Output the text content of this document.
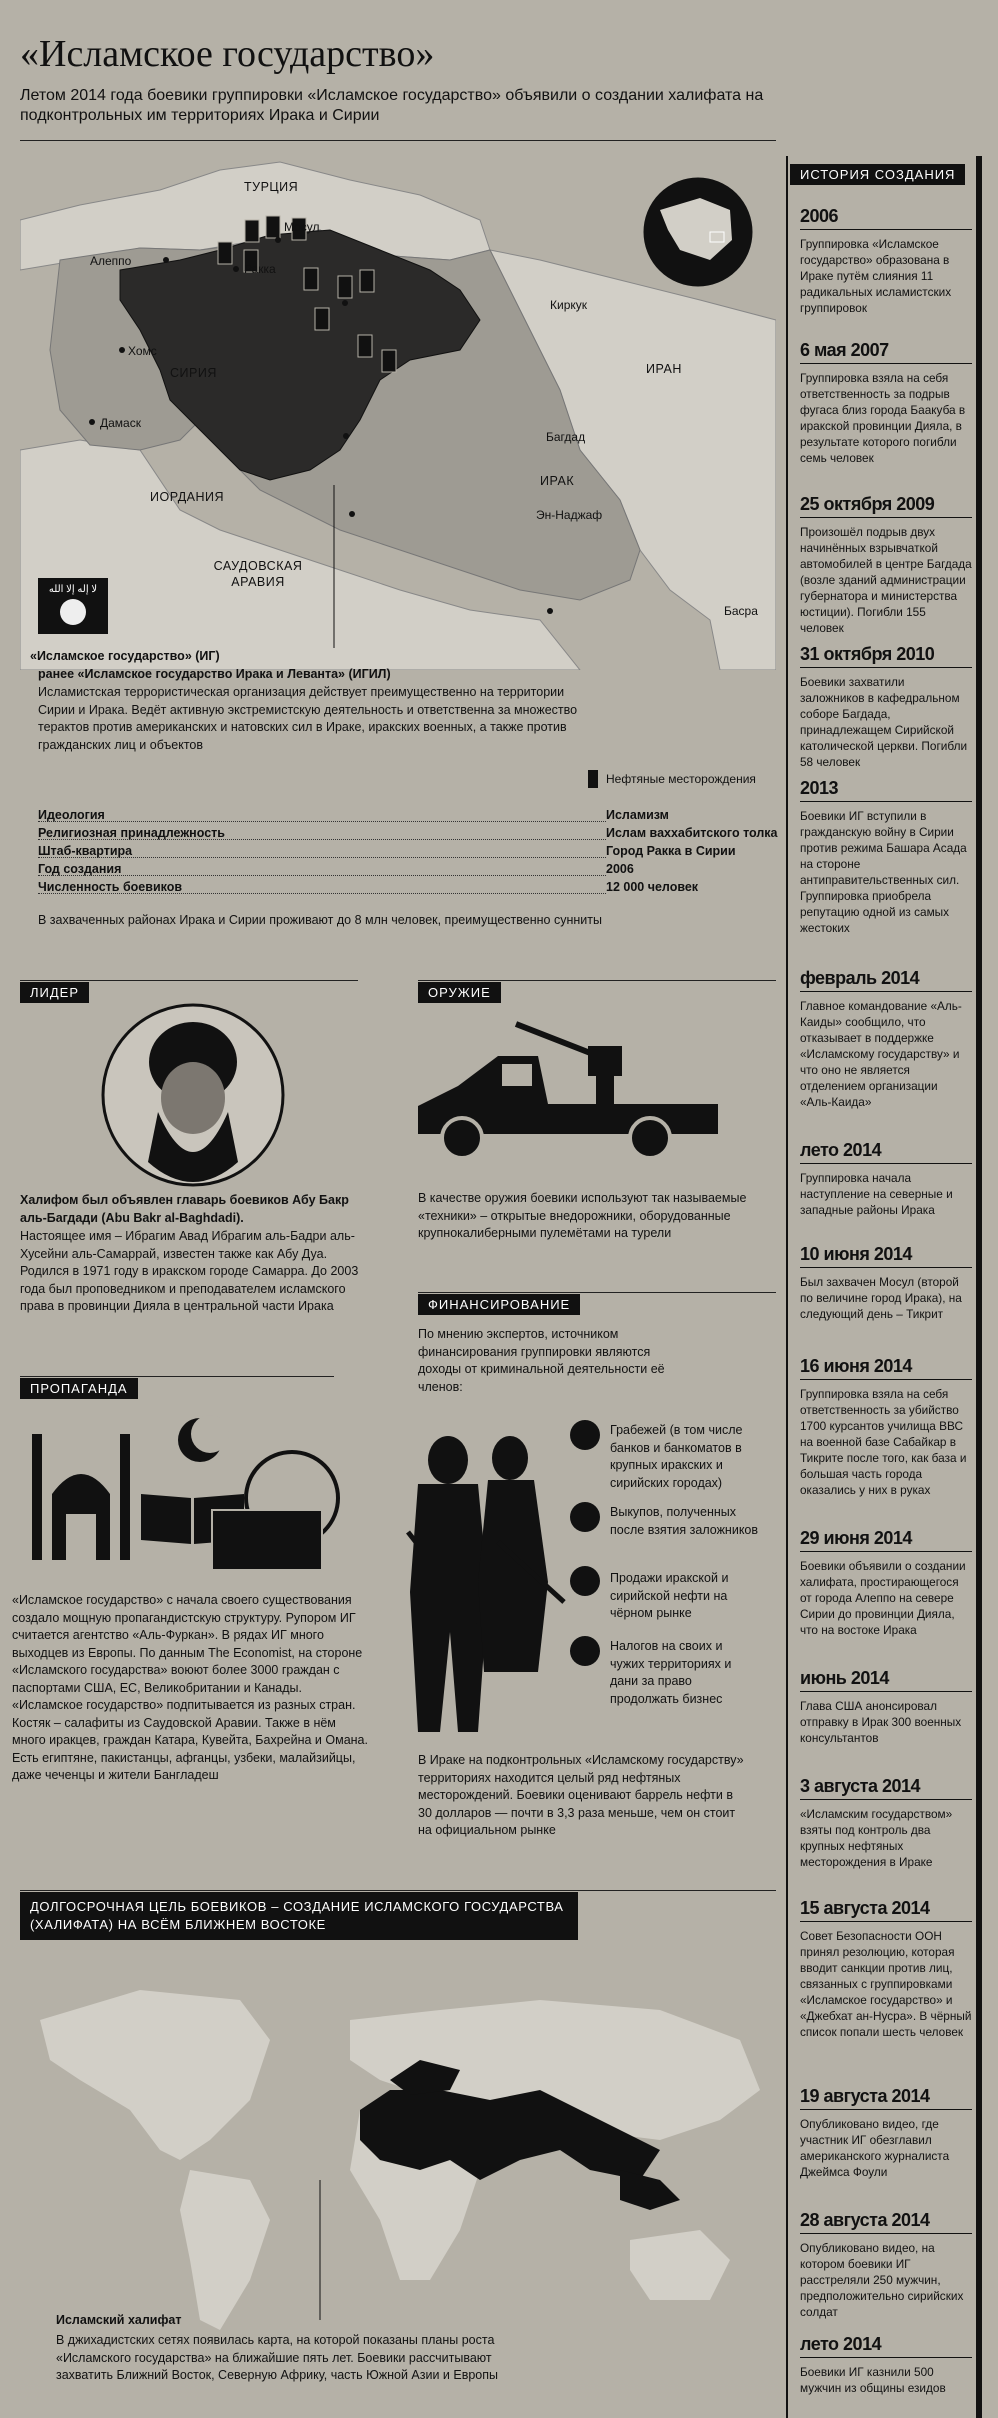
«Исламское государство»
Летом 2014 года боевики группировки «Исламское государство» объявили о создании халифата на подконтрольных им территориях Ирака и Сирии
ТУРЦИЯ
СИРИЯ	ИРАН
ИРАК
ИОРДАНИЯ
САУДОВСКАЯ АРАВИЯ
Мосул
Алеппо
Ракка
Киркук
Хомс
Дамаск
Багдад
Эн-Наджаф
Басра
لا إله إلا الله
«Исламское государство» (ИГ)
ранее «Исламское государство Ирака и Леванта» (ИГИЛ)
Исламистская террористическая организация действует преимущественно на территории Сирии и Ирака. Ведёт активную экстремистскую деятельность и ответственна за множество терактов против американских и натовских сил в Ираке, иракских военных, а также против гражданских лиц и объектов
Нефтяные месторождения
Идеология	Исламизм
Религиозная принадлежность	Ислам ваххабитского толка
Штаб-квартира	Город Ракка в Сирии
Год создания	2006
Численность боевиков	12 000 человек
В захваченных районах Ирака и Сирии проживают до 8 млн человек, преимущественно сунниты
ЛИДЕР
Халифом был объявлен главарь боевиков Абу Бакр аль-Багдади (Abu Bakr al-Baghdadi).
Настоящее имя – Ибрагим Авад Ибрагим аль-Бадри аль-Хусейни аль-Самаррай, известен также как Абу Дуа. Родился в 1971 году в иракском городе Самарра. До 2003 года был проповедником и преподавателем исламского права в провинции Дияла в центральной части Ирака
ОРУЖИЕ
В качестве оружия боевики используют так называемые «техники» – открытые внедорожники, оборудованные крупнокалиберными пулемётами на турели
ФИНАНСИРОВАНИЕ
По мнению экспертов, источником финансирования группировки являются доходы от криминальной деятельности её членов:
Грабежей (в том числе банков и банкоматов в крупных иракских и сирийских городах)
Выкупов, полученных после взятия заложников
Продажи иракской и сирийской нефти на чёрном рынке
Налогов на своих и чужих территориях и дани за право продолжать бизнес
В Ираке на подконтрольных «Исламскому государству» территориях находится целый ряд нефтяных месторождений. Боевики оценивают баррель нефти в 30 долларов — почти в 3,3 раза меньше, чем он стоит на официальном рынке
ПРОПАГАНДА
«Исламское государство» с начала своего существования создало мощную пропагандистскую структуру. Рупором ИГ считается агентство «Аль-Фуркан». В рядах ИГ много выходцев из Европы. По данным The Economist, на стороне «Исламского государства» воюют более 3000 граждан с паспортами США, ЕС, Великобритании и Канады. «Исламское государство» подпитывается из разных стран. Костяк – салафиты из Саудовской Аравии. Также в нём много иракцев, граждан Катара, Кувейта, Бахрейна и Омана. Есть египтяне, пакистанцы, афганцы, узбеки, малайзийцы, даже чеченцы и жители Бангладеш
ДОЛГОСРОЧНАЯ ЦЕЛЬ БОЕВИКОВ – СОЗДАНИЕ ИСЛАМСКОГО ГОСУДАРСТВА (ХАЛИФАТА) НА ВСЁМ БЛИЖНЕМ ВОСТОКЕ
Исламский халифат
В джихадистских сетях появилась карта, на которой показаны планы роста «Исламского государства» на ближайшие пять лет. Боевики рассчитывают захватить Ближний Восток, Северную Африку, часть Южной Азии и Европы
ИСТОРИЯ СОЗДАНИЯ
2006
Группировка «Исламское государство» образована в Ираке путём слияния 11 радикальных исламистских группировок
6 мая 2007
Группировка взяла на себя ответственность за подрыв фугаса близ города Баакуба в иракской провинции Дияла, в результате которого погибли семь человек
25 октября 2009
Произошёл подрыв двух начинённых взрывчаткой автомобилей в центре Багдада (возле зданий администрации губернатора и министерства юстиции). Погибли 155 человек
31 октября 2010
Боевики захватили заложников в кафедральном соборе Багдада, принадлежащем Сирийской католической церкви. Погибли 58 человек
2013
Боевики ИГ вступили в гражданскую войну в Сирии против режима Башара Асада на стороне антиправительственных сил. Группировка приобрела репутацию одной из самых жестоких
февраль 2014
Главное командование «Аль-Каиды» сообщило, что отказывает в поддержке «Исламскому государству» и что оно не является отделением организации «Аль-Каида»
лето 2014
Группировка начала наступление на северные и западные районы Ирака
10 июня 2014
Был захвачен Мосул (второй по величине город Ирака), на следующий день – Тикрит
16 июня 2014
Группировка взяла на себя ответственность за убийство 1700 курсантов училища ВВС на военной базе Сабайкар в Тикрите после того, как база и большая часть города оказались у них в руках
29 июня 2014
Боевики объявили о создании халифата, простирающегося от города Алеппо на севере Сирии до провинции Дияла, что на востоке Ирака
июнь 2014
Глава США анонсировал отправку в Ирак 300 военных консультантов
3 августа 2014
«Исламским государством» взяты под контроль два крупных нефтяных месторождения в Ираке
15 августа 2014
Совет Безопасности ООН принял резолюцию, которая вводит санкции против лиц, связанных с группировками «Исламское государство» и «Джебхат ан-Нусра». В чёрный список попали шесть человек
19 августа 2014
Опубликовано видео, где участник ИГ обезглавил американского журналиста Джеймса Фоули
28 августа 2014
Опубликовано видео, на котором боевики ИГ расстреляли 250 мужчин, предположительно сирийских солдат
лето 2014
Боевики ИГ казнили 500 мужчин из общины езидов
